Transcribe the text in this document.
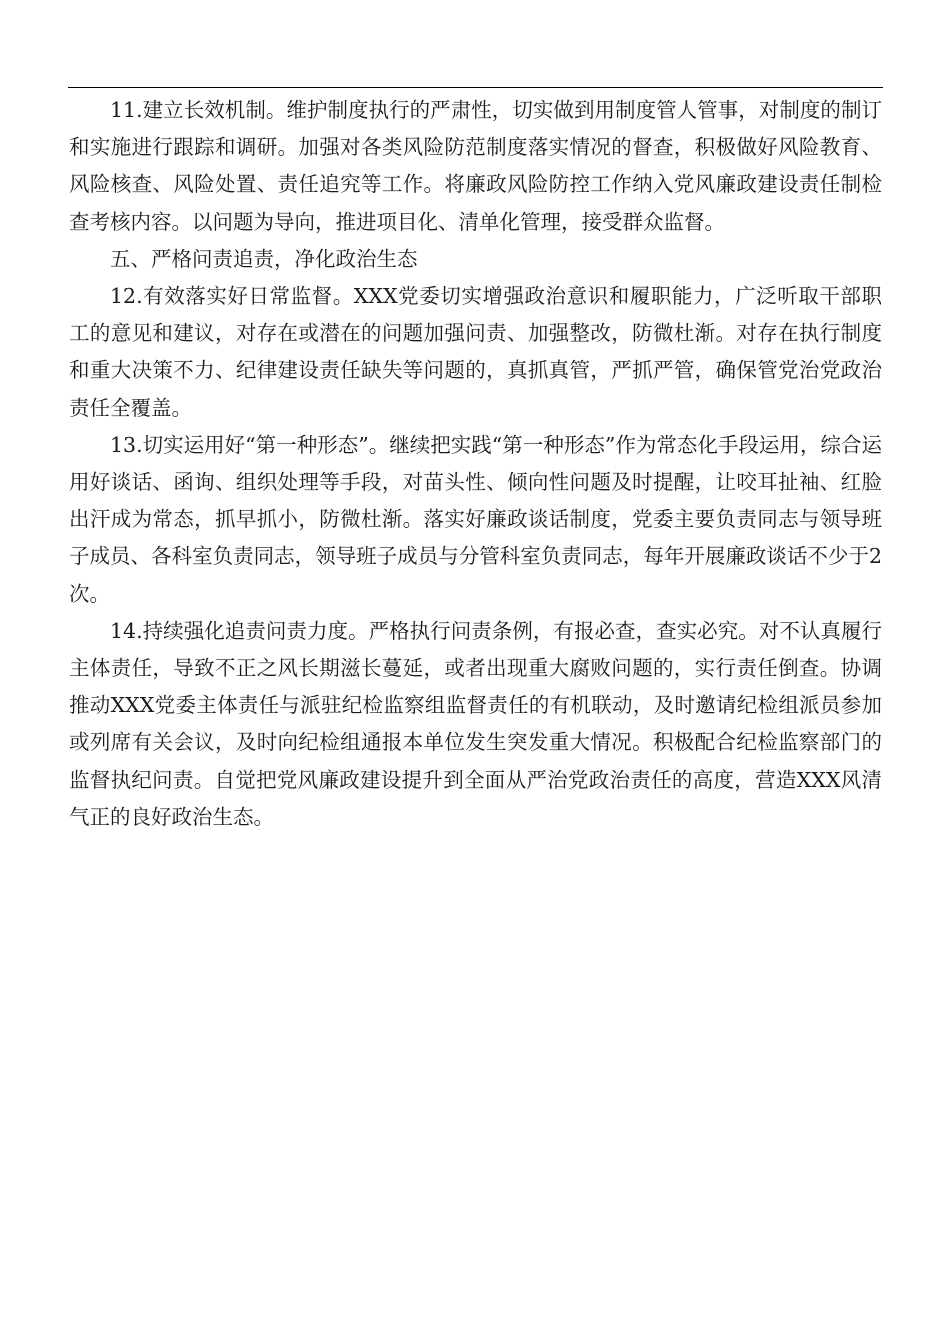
11.建立长效机制。维护制度执行的严肃性，切实做到用制度管人管事，对制度的制订和实施进行跟踪和调研。加强对各类风险防范制度落实情况的督查，积极做好风险教育、风险核查、风险处置、责任追究等工作。将廉政风险防控工作纳入党风廉政建设责任制检查考核内容。以问题为导向，推进项目化、清单化管理，接受群众监督。

五、严格问责追责，净化政治生态

12.有效落实好日常监督。XXX党委切实增强政治意识和履职能力，广泛听取干部职工的意见和建议，对存在或潜在的问题加强问责、加强整改，防微杜渐。对存在执行制度和重大决策不力、纪律建设责任缺失等问题的，真抓真管，严抓严管，确保管党治党政治责任全覆盖。

13.切实运用好“第一种形态”。继续把实践“第一种形态”作为常态化手段运用，综合运用好谈话、函询、组织处理等手段，对苗头性、倾向性问题及时提醒，让咬耳扯袖、红脸出汗成为常态，抓早抓小，防微杜渐。落实好廉政谈话制度，党委主要负责同志与领导班子成员、各科室负责同志，领导班子成员与分管科室负责同志，每年开展廉政谈话不少于2次。

14.持续强化追责问责力度。严格执行问责条例，有报必查，查实必究。对不认真履行主体责任，导致不正之风长期滋长蔓延，或者出现重大腐败问题的，实行责任倒查。协调推动XXX党委主体责任与派驻纪检监察组监督责任的有机联动，及时邀请纪检组派员参加或列席有关会议，及时向纪检组通报本单位发生突发重大情况。积极配合纪检监察部门的监督执纪问责。自觉把党风廉政建设提升到全面从严治党政治责任的高度，营造XXX风清气正的良好政治生态。
